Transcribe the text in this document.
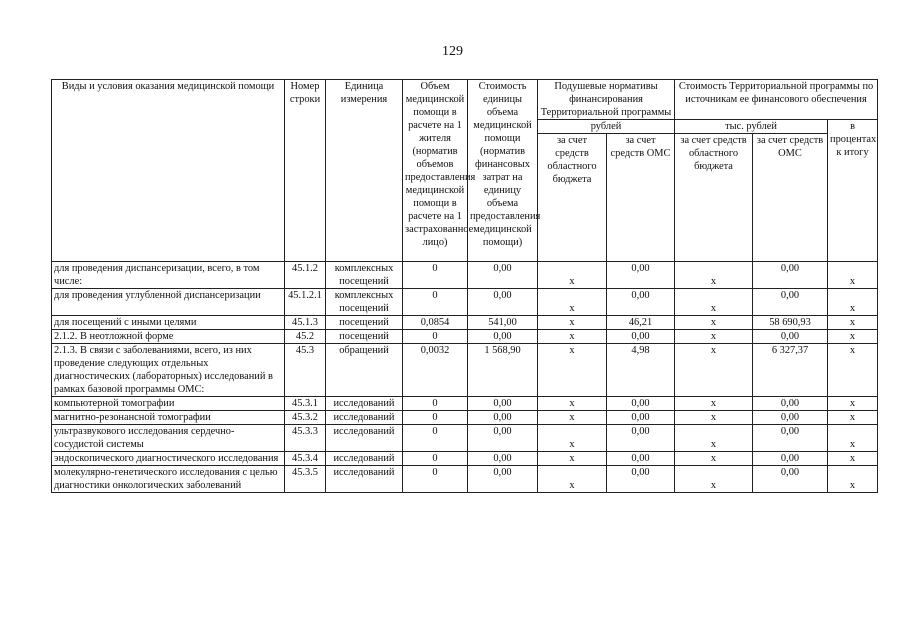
129
Виды и условия оказания медицинской помощи	Номер строки	Единица измерения	Объем медицинской помощи в расчете на 1 жителя (норматив объемов предоставления медицинской помощи в расчете на 1 застрахованное лицо)	Стоимость единицы объема медицинской помощи (норматив финансовых затрат на единицу объема предоставления медицинской помощи)	Подушевые нормативы финансирования Территориальной программы		Стоимость Территориальной программы по источникам ее финансового обеспечения		
					рублей		тыс. рублей		в процентах к итогу
					за счет средств областного бюджета	за счет средств ОМС	за счет средств областного бюджета	за счет средств ОМС	
для проведения диспансеризации, всего, в том числе:	45.1.2	комплексных посещений	0	0,00	х	0,00	х	0,00	х
для проведения углубленной диспансеризации	45.1.2.1	комплексных посещений	0	0,00	х	0,00	х	0,00	х
для посещений с иными целями	45.1.3	посещений	0,0854	541,00	х	46,21	х	58 690,93	х
2.1.2. В неотложной форме	45.2	посещений	0	0,00	х	0,00	х	0,00	х
2.1.3. В связи с заболеваниями, всего, из них проведение следующих отдельных диагностических (лабораторных) исследований в рамках базовой программы ОМС:	45.3	обращений	0,0032	1 568,90	х	4,98	х	6 327,37	х
компьютерной томографии	45.3.1	исследований	0	0,00	х	0,00	х	0,00	х
магнитно-резонансной томографии	45.3.2	исследований	0	0,00	х	0,00	х	0,00	х
ультразвукового исследования сердечно-сосудистой системы	45.3.3	исследований	0	0,00	х	0,00	х	0,00	х
эндоскопического диагностического исследования	45.3.4	исследований	0	0,00	х	0,00	х	0,00	х
молекулярно-генетического исследования с целью диагностики онкологических заболеваний	45.3.5	исследований	0	0,00	х	0,00	х	0,00	х
